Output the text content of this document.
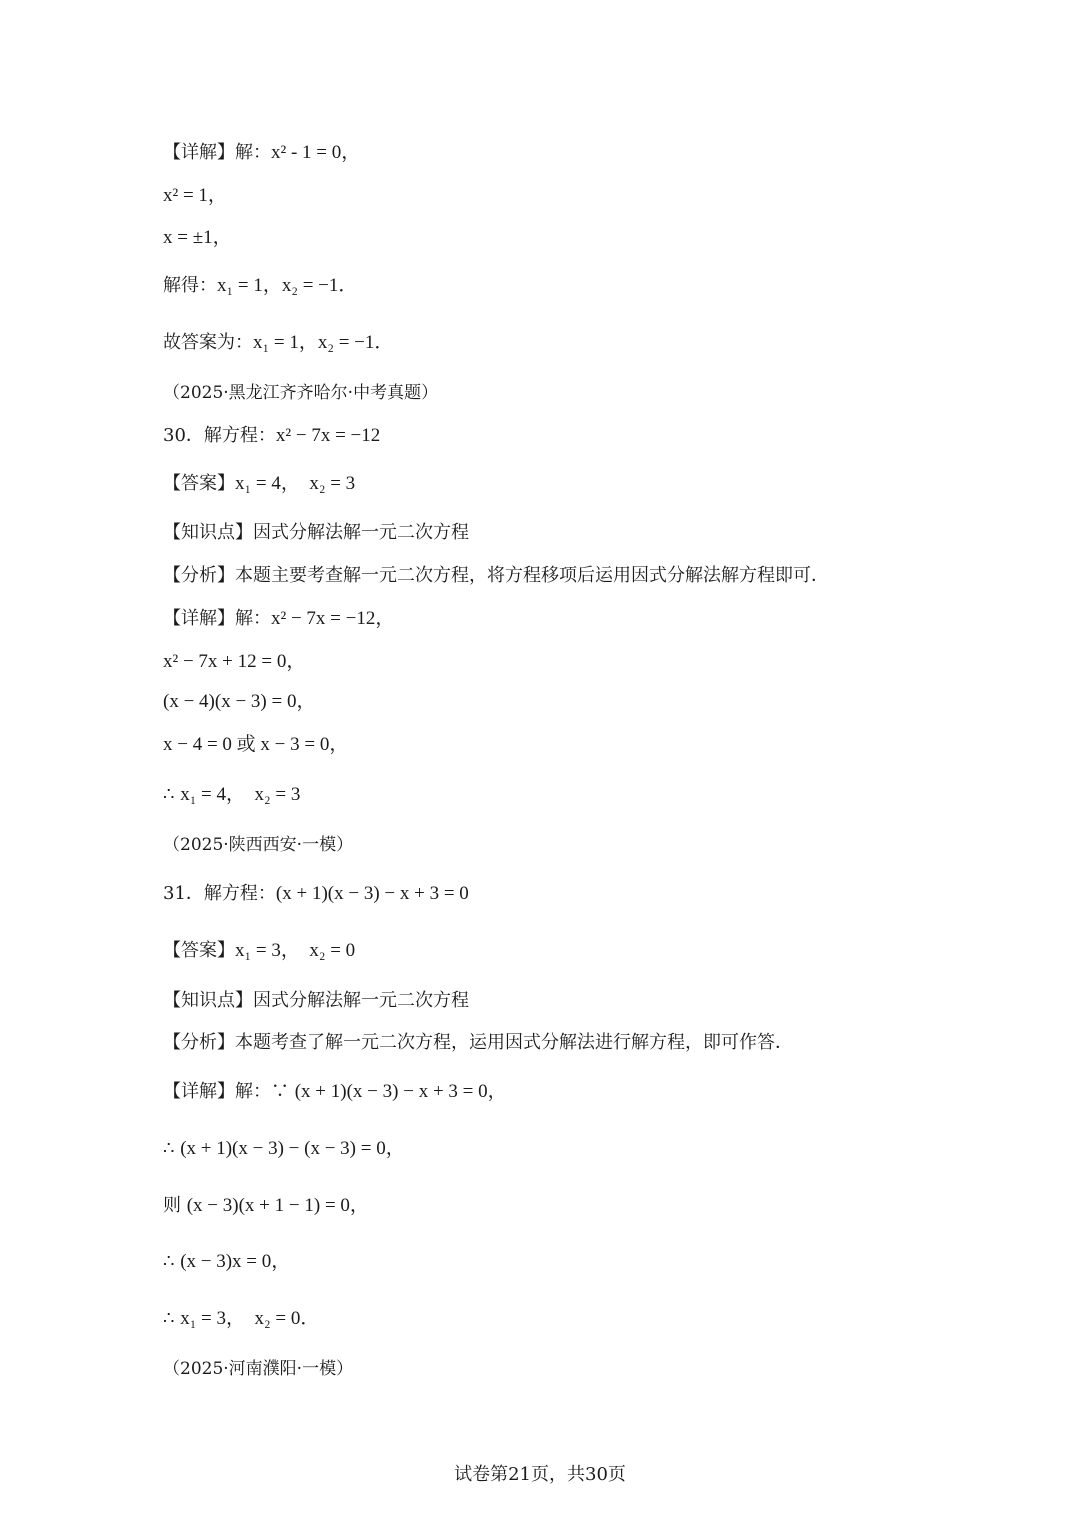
【详解】解：x² - 1 = 0，
x² = 1，
x = ±1，
解得：x₁ = 1，x₂ = −1．
故答案为：x₁ = 1，x₂ = −1．
（2025·黑龙江齐齐哈尔·中考真题）
30．解方程：x² − 7x = −12
【答案】x₁ = 4，  x₂ = 3
【知识点】因式分解法解一元二次方程
【分析】本题主要考查解一元二次方程，将方程移项后运用因式分解法解方程即可．
【详解】解：x² − 7x = −12，
x² − 7x + 12 = 0，
(x − 4)(x − 3) = 0，
x − 4 = 0 或 x − 3 = 0，
∴ x₁ = 4，  x₂ = 3
（2025·陕西西安·一模）
31．解方程：(x + 1)(x − 3) − x + 3 = 0
【答案】x₁ = 3，  x₂ = 0
【知识点】因式分解法解一元二次方程
【分析】本题考查了解一元二次方程，运用因式分解法进行解方程，即可作答．
【详解】解：∵ (x + 1)(x − 3) − x + 3 = 0，
∴ (x + 1)(x − 3) − (x − 3) = 0，
则 (x − 3)(x + 1 − 1) = 0，
∴ (x − 3)x = 0，
∴ x₁ = 3，  x₂ = 0．
（2025·河南濮阳·一模）
试卷第21页，共30页
